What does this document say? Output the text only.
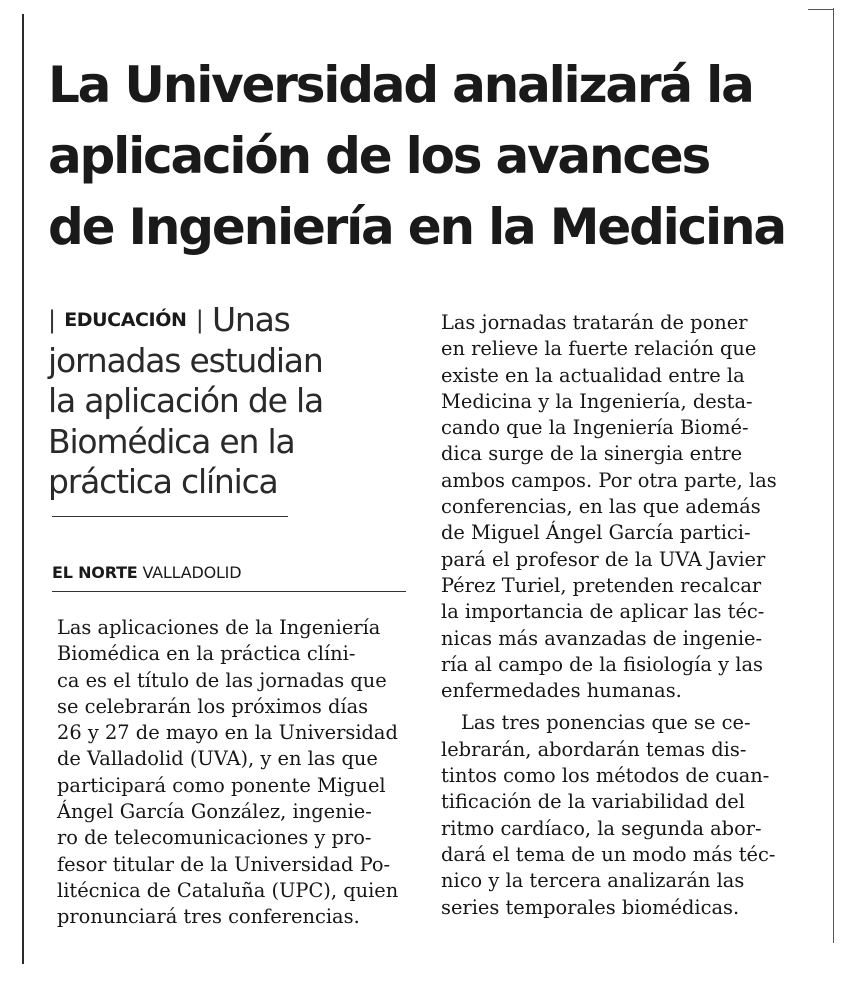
La Universidad analizará la
aplicación de los avances
de Ingeniería en la Medicina
| EDUCACIÓN | Unas
jornadas estudian
la aplicación de la
Biomédica en la
práctica clínica

EL NORTE VALLADOLID

Las aplicaciones de la Ingeniería
Biomédica en la práctica clíni-
ca es el título de las jornadas que
se celebrarán los próximos días
26 y 27 de mayo en la Universidad
de Valladolid (UVA), y en las que
participará como ponente Miguel
Ángel García González, ingenie-
ro de telecomunicaciones y pro-
fesor titular de la Universidad Po-
litécnica de Cataluña (UPC), quien
pronunciará tres conferencias.

Las jornadas tratarán de poner
en relieve la fuerte relación que
existe en la actualidad entre la
Medicina y la Ingeniería, desta-
cando que la Ingeniería Biomé-
dica surge de la sinergia entre
ambos campos. Por otra parte, las
conferencias, en las que además
de Miguel Ángel García partici-
pará el profesor de la UVA Javier
Pérez Turiel, pretenden recalcar
la importancia de aplicar las téc-
nicas más avanzadas de ingenie-
ría al campo de la fisiología y las
enfermedades humanas.
Las tres ponencias que se ce-
lebrarán, abordarán temas dis-
tintos como los métodos de cuan-
tificación de la variabilidad del
ritmo cardíaco, la segunda abor-
dará el tema de un modo más téc-
nico y la tercera analizarán las
series temporales biomédicas.
